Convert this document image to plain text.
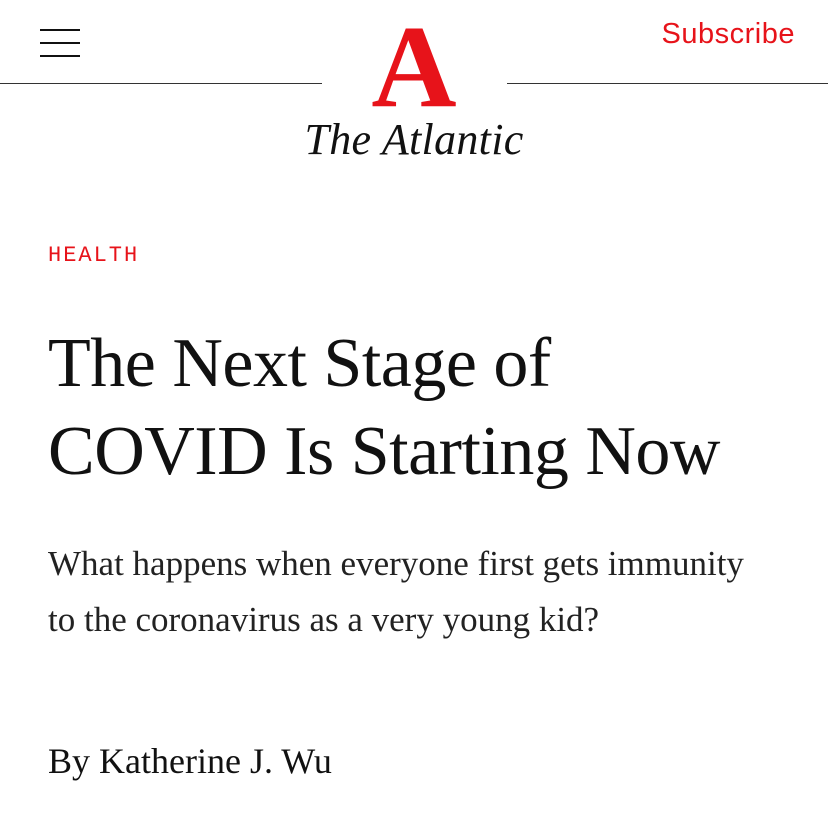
A
The Atlantic
Subscribe
HEALTH
The Next Stage of
COVID Is Starting Now

What happens when everyone first gets immunity to the coronavirus as a very young kid?

By Katherine J. Wu
